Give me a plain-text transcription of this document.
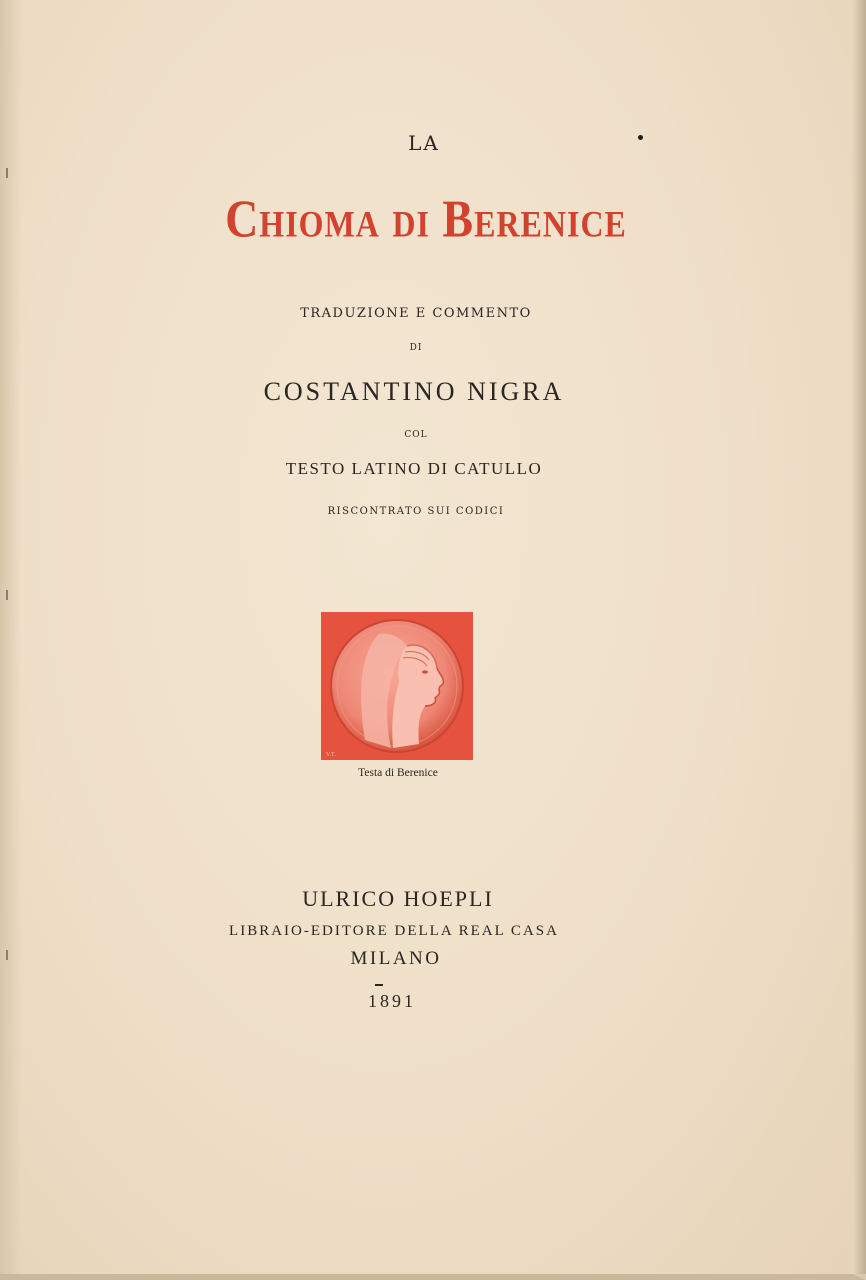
LA
Chioma di Berenice
TRADUZIONE E COMMENTO
DI
COSTANTINO NIGRA
COL
TESTO LATINO DI CATULLO
RISCONTRATO SUI CODICI
V.T.
Testa di Berenice
ULRICO HOEPLI
LIBRAIO-EDITORE DELLA REAL CASA
MILANO
1891
